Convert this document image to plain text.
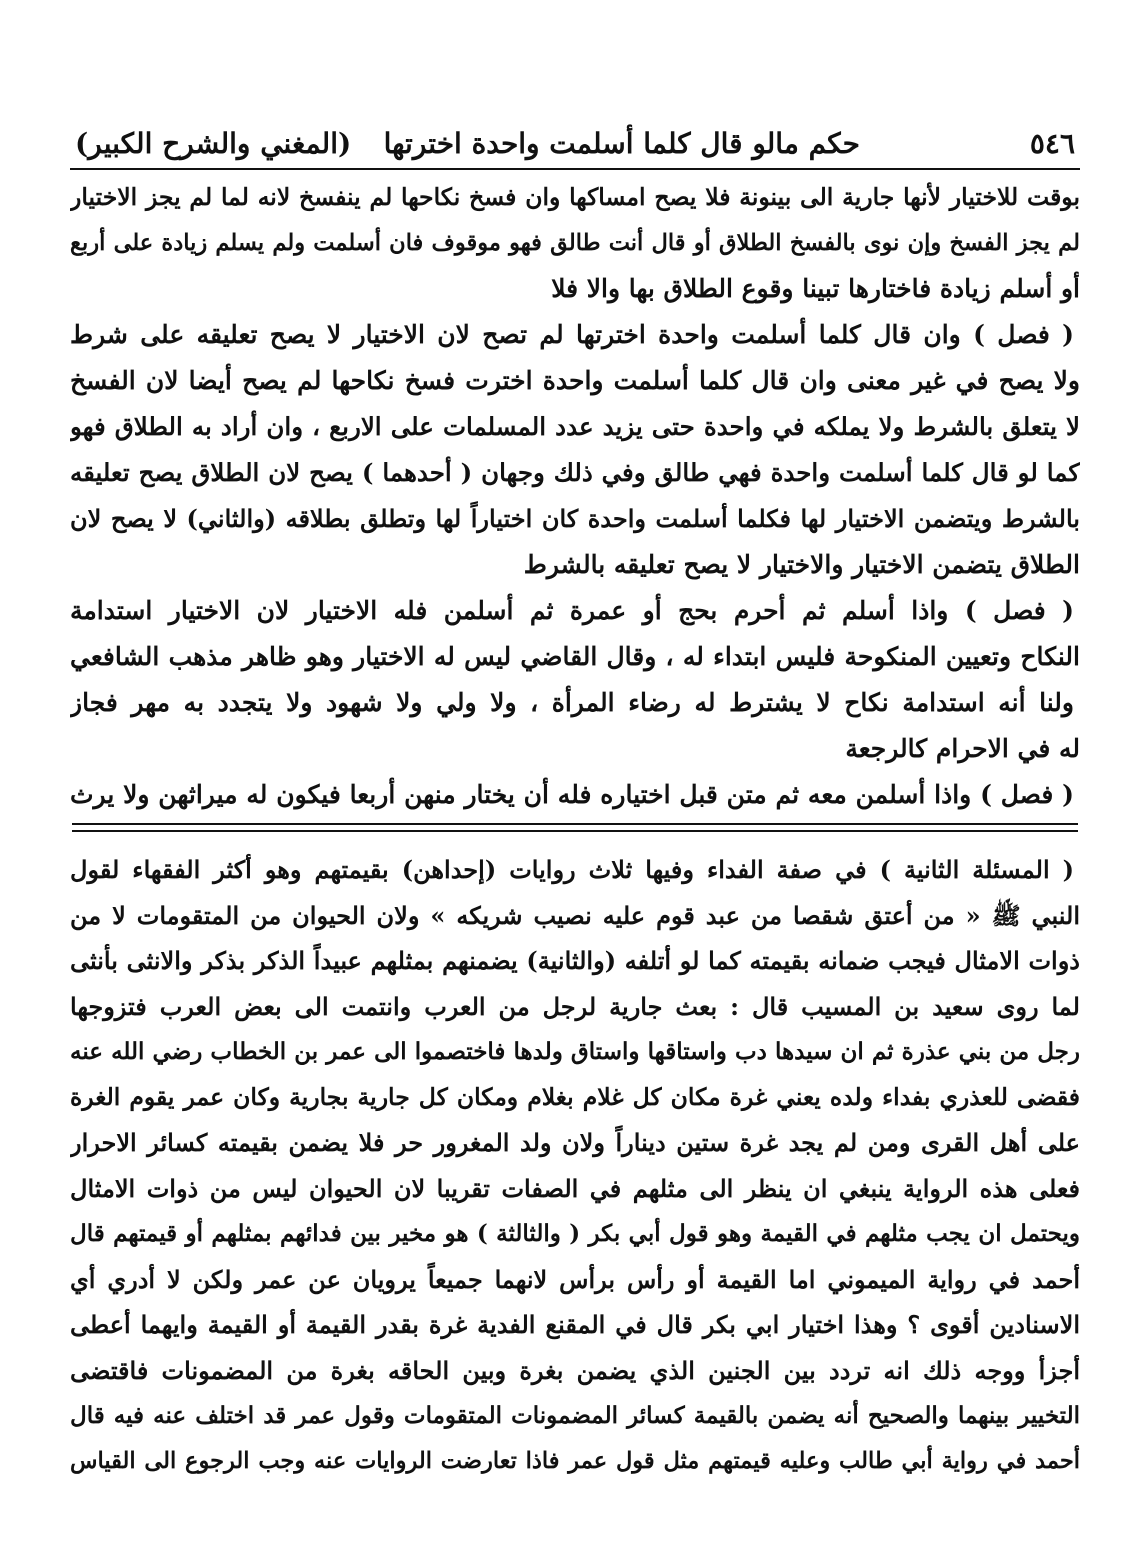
٥٤٦
حكم مالو قال كلما أسلمت واحدة اخترتها
(المغني والشرح الكبير)
بوقت للاختيار لأنها جارية الى بينونة فلا يصح امساكها وان فسخ نكاحها لم ينفسخ لانه لما لم يجز الاختيار
لم يجز الفسخ وإن نوى بالفسخ الطلاق أو قال أنت طالق فهو موقوف فان أسلمت ولم يسلم زيادة على أربع
أو أسلم زيادة فاختارها تبينا وقوع الطلاق بها والا فلا
( فصل ) وان قال كلما أسلمت واحدة اخترتها لم تصح لان الاختيار لا يصح تعليقه على شرط
ولا يصح في غير معنى وان قال كلما أسلمت واحدة اخترت فسخ نكاحها لم يصح أيضا لان الفسخ
لا يتعلق بالشرط ولا يملكه في واحدة حتى يزيد عدد المسلمات على الاربع ، وان أراد به الطلاق فهو
كما لو قال كلما أسلمت واحدة فهي طالق وفي ذلك وجهان ( أحدهما ) يصح لان الطلاق يصح تعليقه
بالشرط ويتضمن الاختيار لها فكلما أسلمت واحدة كان اختياراً لها وتطلق بطلاقه (والثاني) لا يصح لان
الطلاق يتضمن الاختيار والاختيار لا يصح تعليقه بالشرط
( فصل ) واذا أسلم ثم أحرم بحج أو عمرة ثم أسلمن فله الاختيار لان الاختيار استدامة
النكاح وتعيين المنكوحة فليس ابتداء له ، وقال القاضي ليس له الاختيار وهو ظاهر مذهب الشافعي
ولنا أنه استدامة نكاح لا يشترط له رضاء المرأة ، ولا ولي ولا شهود ولا يتجدد به مهر فجاز
له في الاحرام كالرجعة
( فصل ) واذا أسلمن معه ثم متن قبل اختياره فله أن يختار منهن أربعا فيكون له ميراثهن ولا يرث
( المسئلة الثانية ) في صفة الفداء وفيها ثلاث روايات (إحداهن) بقيمتهم وهو أكثر الفقهاء لقول
النبي ﷺ « من أعتق شقصا من عبد قوم عليه نصيب شريكه » ولان الحيوان من المتقومات لا من
ذوات الامثال فيجب ضمانه بقيمته كما لو أتلفه (والثانية) يضمنهم بمثلهم عبيداً الذكر بذكر والانثى بأنثى
لما روى سعيد بن المسيب قال : بعث جارية لرجل من العرب وانتمت الى بعض العرب فتزوجها
رجل من بني عذرة ثم ان سيدها دب واستاقها واستاق ولدها فاختصموا الى عمر بن الخطاب رضي الله عنه
فقضى للعذري بفداء ولده يعني غرة مكان كل غلام بغلام ومكان كل جارية بجارية وكان عمر يقوم الغرة
على أهل القرى ومن لم يجد غرة ستين ديناراً ولان ولد المغرور حر فلا يضمن بقيمته كسائر الاحرار
فعلى هذه الرواية ينبغي ان ينظر الى مثلهم في الصفات تقريبا لان الحيوان ليس من ذوات الامثال
ويحتمل ان يجب مثلهم في القيمة وهو قول أبي بكر ( والثالثة ) هو مخير بين فدائهم بمثلهم أو قيمتهم قال
أحمد في رواية الميموني اما القيمة أو رأس برأس لانهما جميعاً يرويان عن عمر ولكن لا أدري أي
الاسنادين أقوى ؟ وهذا اختيار ابي بكر قال في المقنع الفدية غرة بقدر القيمة أو القيمة وايهما أعطى
أجزأ ووجه ذلك انه تردد بين الجنين الذي يضمن بغرة وبين الحاقه بغرة من المضمونات فاقتضى
التخيير بينهما والصحيح أنه يضمن بالقيمة كسائر المضمونات المتقومات وقول عمر قد اختلف عنه فيه قال
أحمد في رواية أبي طالب وعليه قيمتهم مثل قول عمر فاذا تعارضت الروايات عنه وجب الرجوع الى القياس
